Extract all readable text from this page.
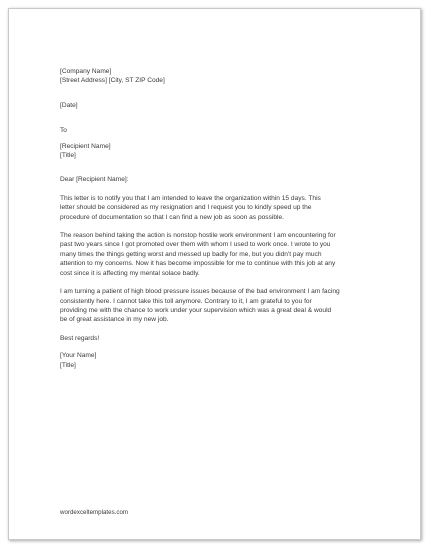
[Company Name]
[Street Address] [City, ST ZIP Code]
[Date]
To
[Recipient Name]
[Title]
Dear [Recipient Name]:
This letter is to notify you that I am intended to leave the organization within 15 days. This
letter should be considered as my resignation and I request you to kindly speed up the
procedure of documentation so that I can find a new job as soon as possible.
The reason behind taking the action is nonstop hostile work environment I am encountering for
past two years since I got promoted over them with whom I used to work once. I wrote to you
many times the things getting worst and messed up badly for me, but you didn't pay much
attention to my concerns. Now it has become impossible for me to continue with this job at any
cost since it is affecting my mental solace badly.
I am turning a patient of high blood pressure issues because of the bad environment I am facing
consistently here. I cannot take this toll anymore. Contrary to it, I am grateful to you for
providing me with the chance to work under your supervision which was a great deal & would
be of great assistance in my new job.
Best regards!
[Your Name]
[Title]
wordexceltemplates.com
